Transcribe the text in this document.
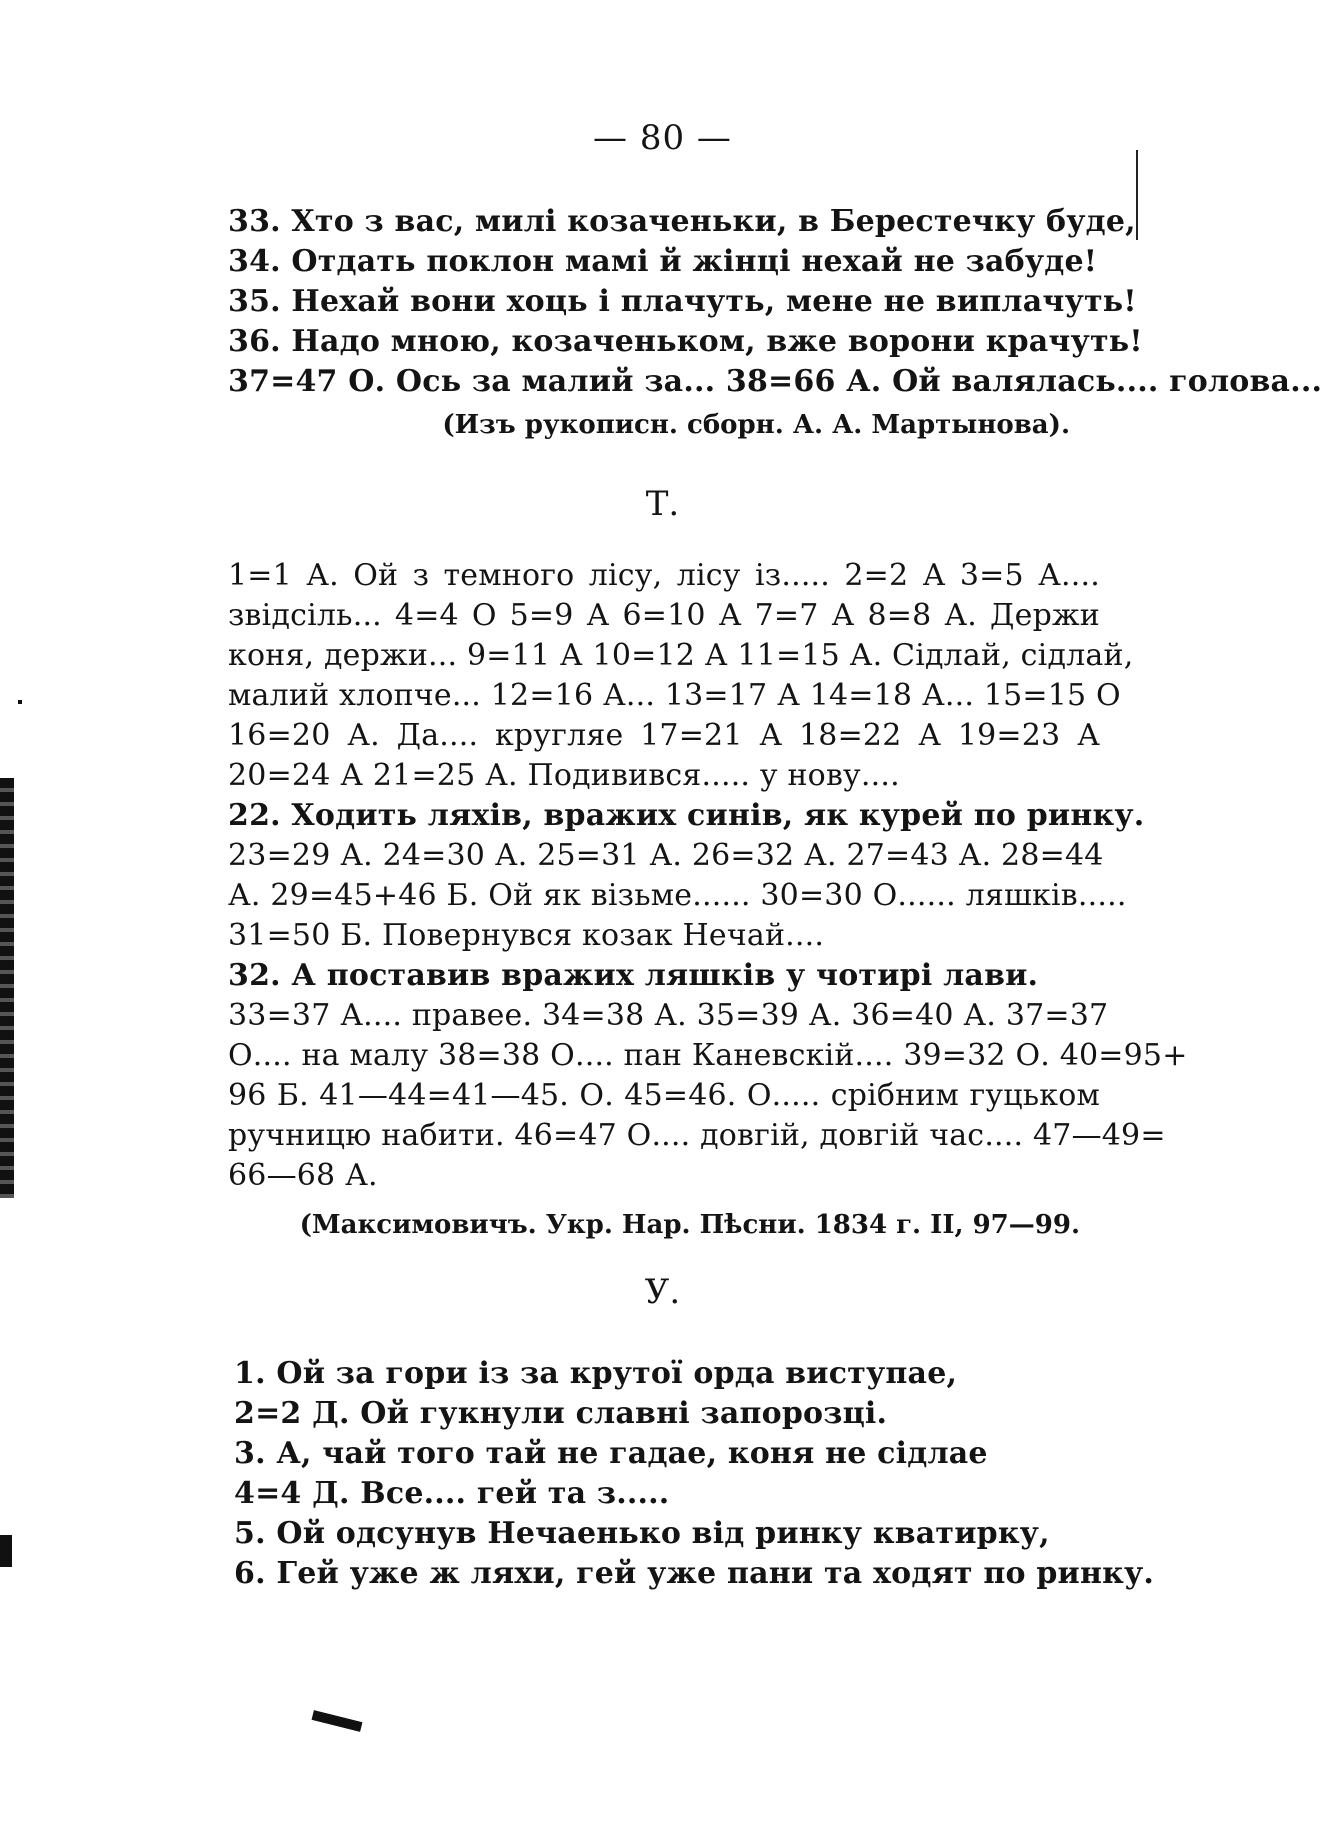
— 80 —
33. Хто з вас, милі козаченьки, в Берестечку буде,
34. Отдать поклон мамі й жінці нехай не забуде!
35. Нехай вони хоць і плачуть, мене не виплачуть!
36. Надо мною, козаченьком, вже ворони крачуть!
37=47 О. Ось за малий за... 38=66 А. Ой валялась.... голова...
(Изъ рукописн. сборн. А. А. Мартынова).
Т.
1=1 А. Ой з темного лісу, лісу із..... 2=2 А 3=5 А....
звідсіль... 4=4 О 5=9 А 6=10 А 7=7 А 8=8 А. Держи
коня, держи... 9=11 А 10=12 А 11=15 А. Сідлай, сідлай,
малий хлопче... 12=16 А... 13=17 А 14=18 А... 15=15 О
16=20 А. Да.... кругляе 17=21 А 18=22 А 19=23 А
20=24 А 21=25 А. Подивився..... у нову....
22. Ходить ляхів, вражих синів, як курей по ринку.
23=29 А. 24=30 А. 25=31 А. 26=32 А. 27=43 А. 28=44
А. 29=45+46 Б. Ой як візьме...... 30=30 О...... ляшків.....
31=50 Б. Повернувся козак Нечай....
32. А поставив вражих ляшків у чотирі лави.
33=37 А.... правее. 34=38 А. 35=39 А. 36=40 А. 37=37
О.... на малу 38=38 О.... пан Каневскій.... 39=32 О. 40=95+
96 Б. 41—44=41—45. О. 45=46. О..... срібним гуцьком
ручницю набити. 46=47 О.... довгій, довгій час.... 47—49=
66—68 А.
(Максимовичъ. Укр. Нар. Пѣсни. 1834 г. II, 97—99.
У.
1. Ой за гори із за крутої орда виступае,
2=2 Д. Ой гукнули славні запорозці.
3. А, чай того тай не гадае, коня не сідлае
4=4 Д. Все.... гей та з.....
5. Ой одсунув Нечаенько від ринку кватирку,
6. Гей уже ж ляхи, гей уже пани та ходят по ринку.
